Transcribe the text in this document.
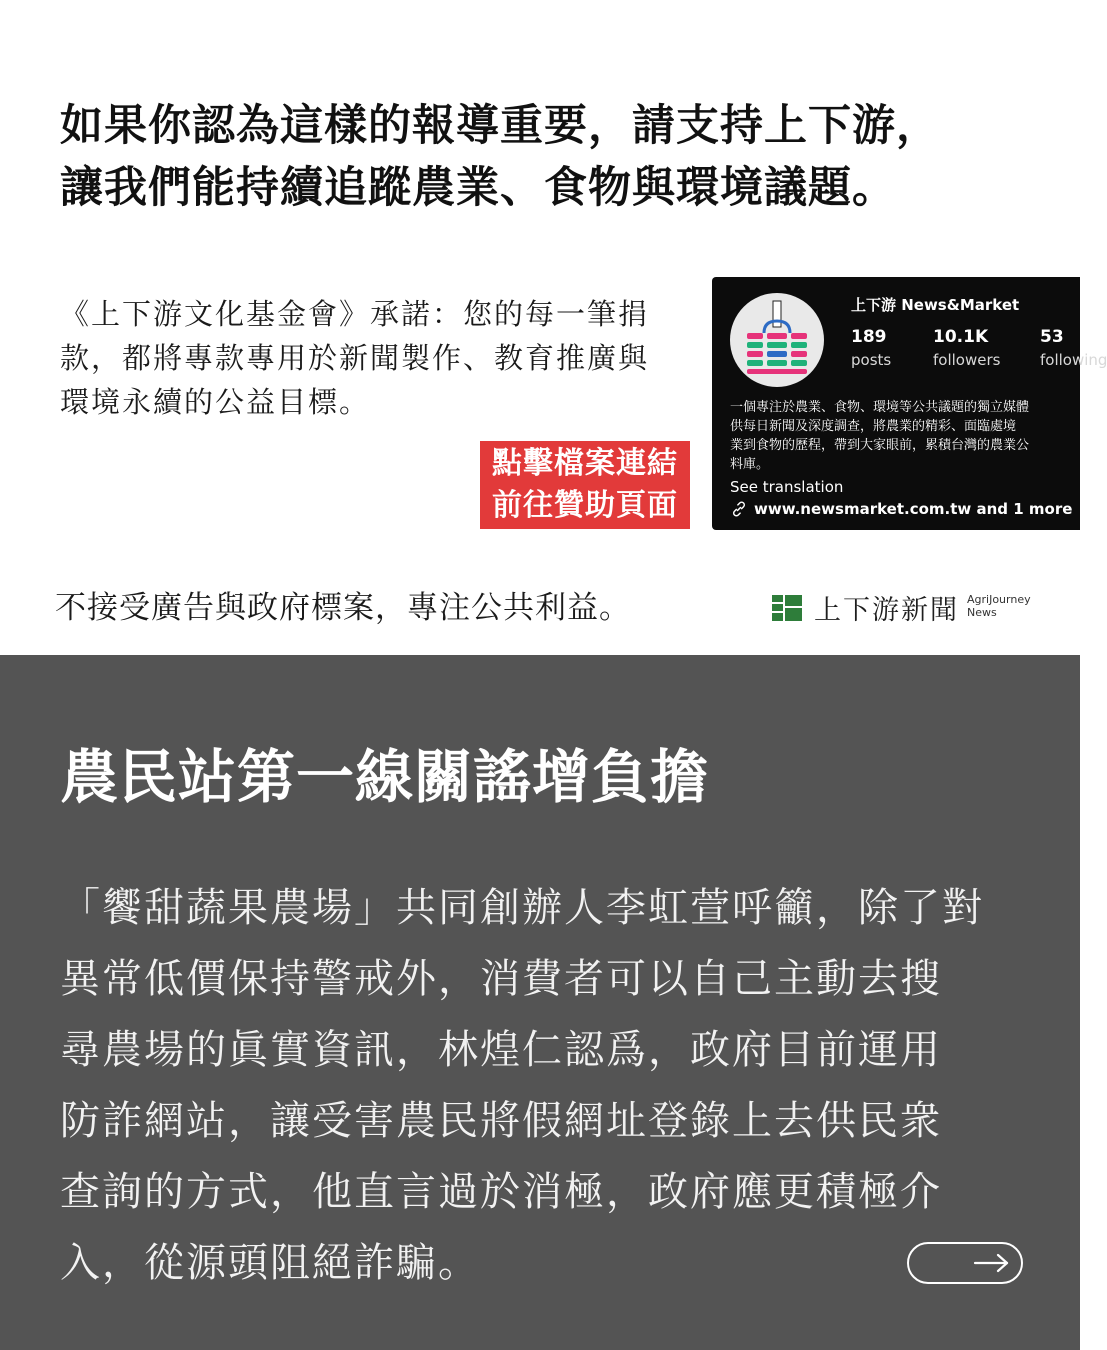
如果你認為這樣的報導重要，請支持上下游，
讓我們能持續追蹤農業、食物與環境議題。

《上下游文化基金會》承諾：您的每一筆捐
款，都將專款專用於新聞製作、教育推廣與
環境永續的公益目標。

點擊檔案連結
前往贊助頁面
上下游 News&Market
189
posts
10.1K
followers
53
following
一個專注於農業、食物、環境等公共議題的獨立媒體
供每日新聞及深度調查，將農業的精彩、面臨處境
業到食物的歷程，帶到大家眼前，累積台灣的農業公
料庫。
See translation
www.newsmarket.com.tw and 1 more
不接受廣告與政府標案，專注公共利益。	上下游新聞 AgriJourney
News
農民站第一線關謠增負擔

「饗甜蔬果農場」共同創辦人李虹萱呼籲，除了對
異常低價保持警戒外，消費者可以自己主動去搜
尋農場的眞實資訊，林煌仁認爲，政府目前運用
防詐網站，讓受害農民將假網址登錄上去供民衆
查詢的方式，他直言過於消極，政府應更積極介
入，從源頭阻絕詐騙。
